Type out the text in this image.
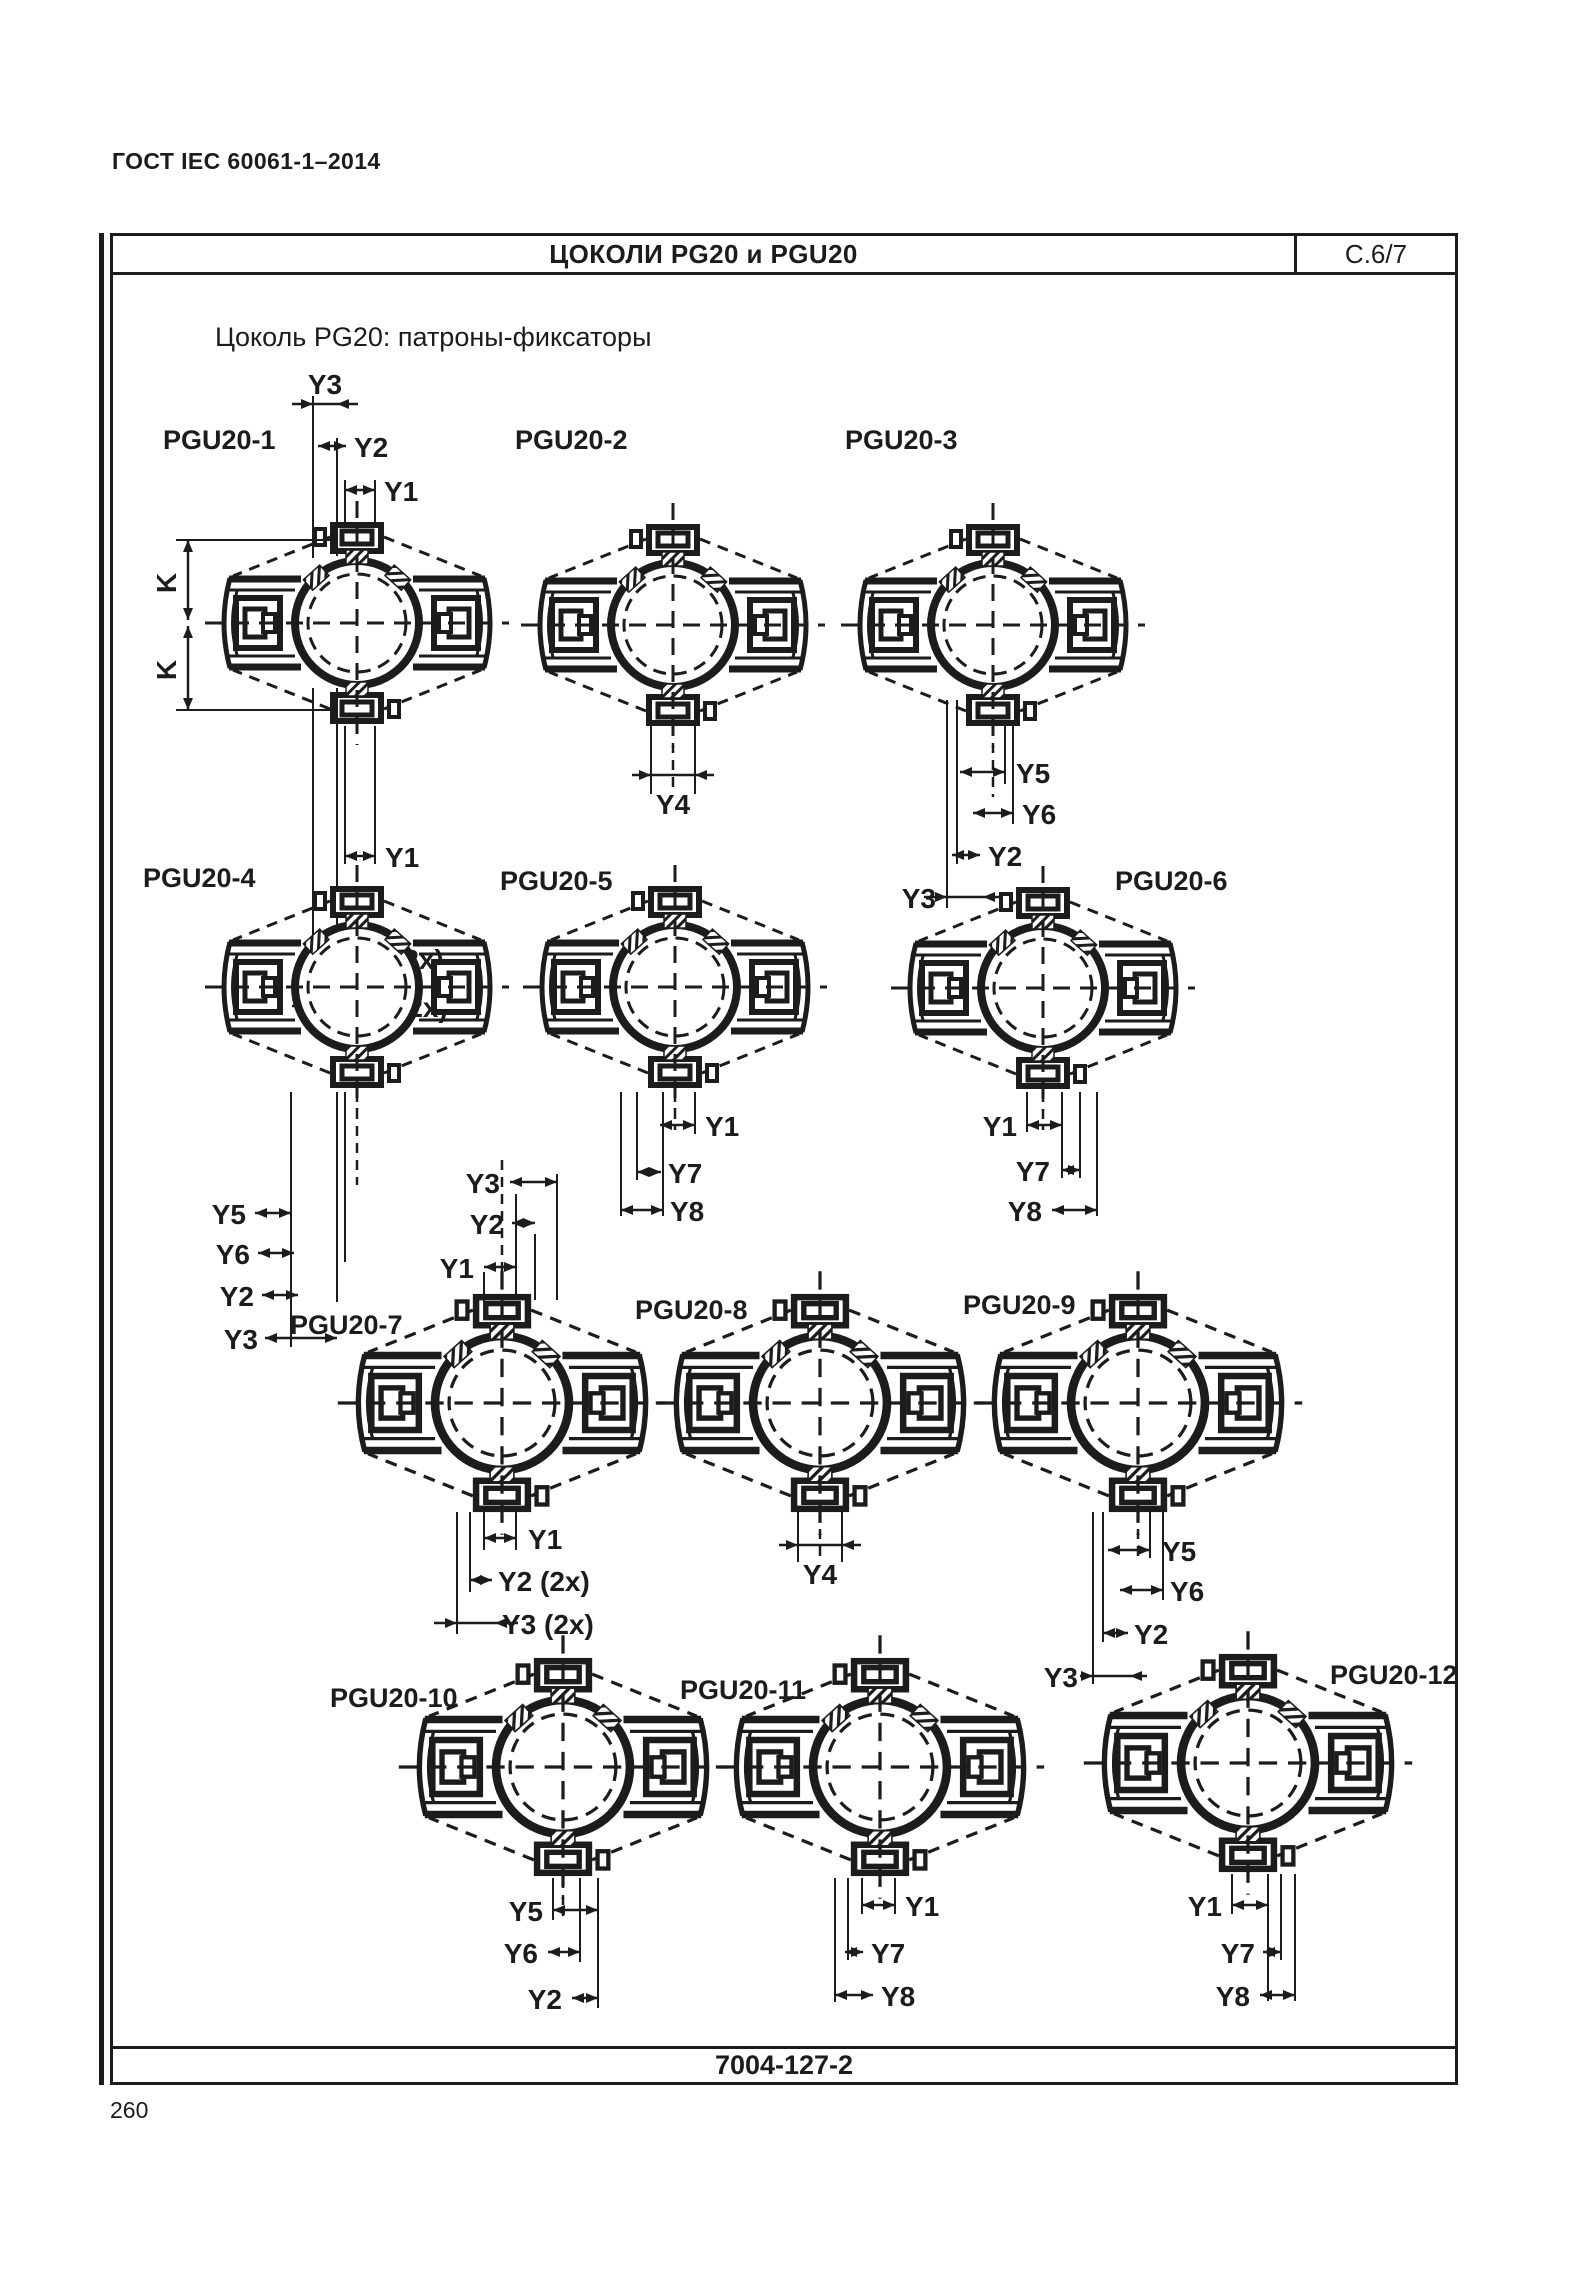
ГОСТ IEC 60061-1–2014
ЦОКОЛИ PG20 и PGU20	С.6/7
Цоколь PG20: патроны-фиксаторы
PGU20-1
Y3
Y2
Y1
K
K
Y1
PGU20-2
Y4
PGU20-3
Y5
Y6
Y2
Y3
PGU20-4
Y5
Y6
Y2
Y3
PGU20-5
Y1
Y7
Y8
PGU20-6
Y1
Y7
Y8
PGU20-7
Y3
Y2
Y1
Y1
Y2 (2x)
Y3 (2x)
PGU20-8
Y4
PGU20-9
Y5
Y6
Y2
Y3
PGU20-10
Y5
Y6
Y2
PGU20-11
Y1
Y7
Y8
PGU20-12
Y1
Y7
Y8
7004-127-2
260
